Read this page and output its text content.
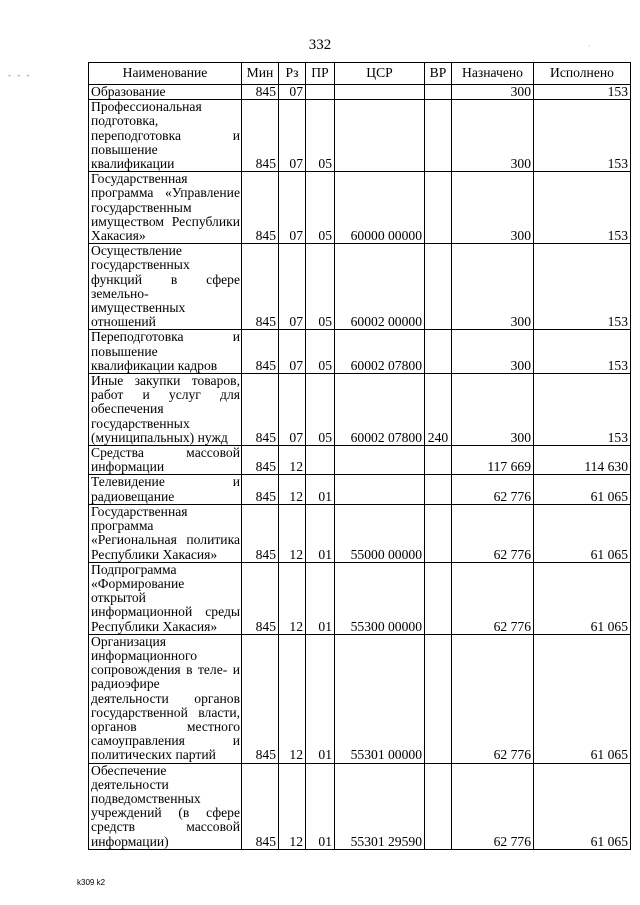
332
- - -
·
Наименование	Мин	Рз	ПР	ЦСР	ВР	Назначено	Исполнено
Образование	845	07				300	153
Профессиональная подготовка, переподготовка и повышение квалификации	845	07	05			300	153
Государственная программа «Управление государственным имуществом Республики Хакасия»	845	07	05	60000 00000		300	153
Осуществление государственных функций в сфере земельно-имущественных отношений	845	07	05	60002 00000		300	153
Переподготовка и повышение квалификации кадров	845	07	05	60002 07800		300	153
Иные закупки товаров, работ и услуг для обеспечения государственных (муниципальных) нужд	845	07	05	60002 07800	240	300	153
Средства массовой информации	845	12				117 669	114 630
Телевидение и радиовещание	845	12	01			62 776	61 065
Государственная программа «Региональная политика Республики Хакасия»	845	12	01	55000 00000		62 776	61 065
Подпрограмма «Формирование открытой информационной среды Республики Хакасия»	845	12	01	55300 00000		62 776	61 065
Организация информационного сопровождения в теле- и радиоэфире деятельности органов государственной власти, органов местного самоуправления и политических партий	845	12	01	55301 00000		62 776	61 065
Обеспечение деятельности подведомственных учреждений (в сфере средств массовой информации)	845	12	01	55301 29590		62 776	61 065
k309 k2
